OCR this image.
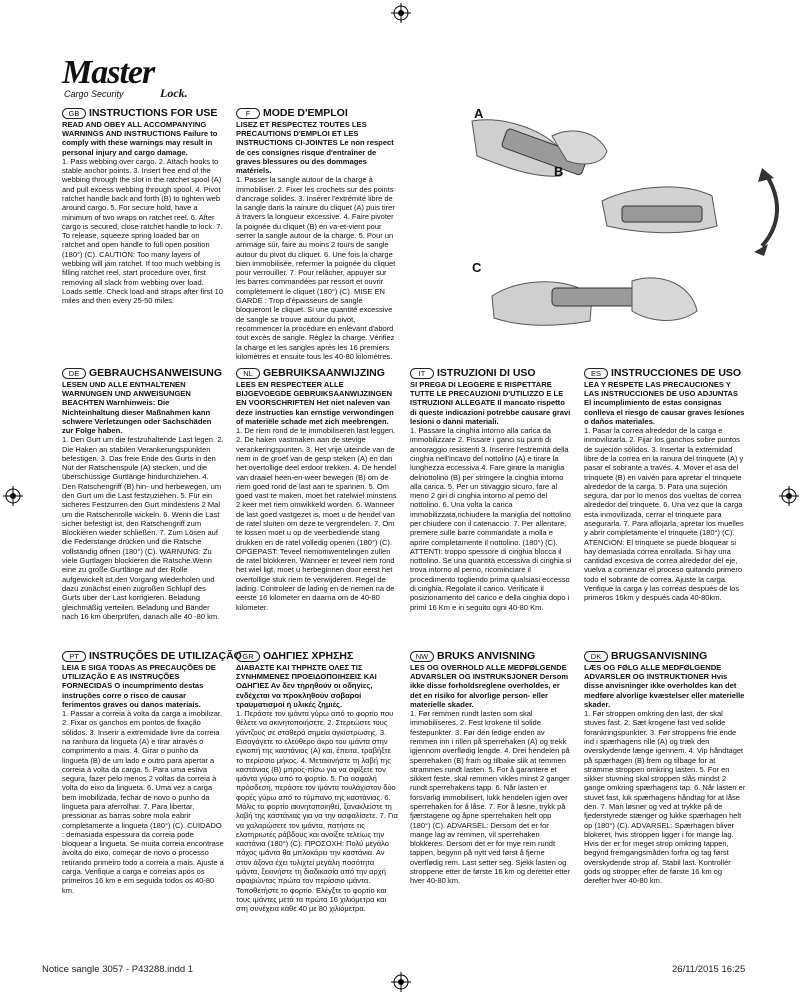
Master
Lock.
Cargo Security
A
B
C
GB INSTRUCTIONS FOR USE

READ AND OBEY ALL ACCOMPANYING WARNINGS AND INSTRUCTIONS Failure to comply with these warnings may result in personal injury and cargo damage.

1. Pass webbing over cargo. 2. Attach hooks to stable anchor points. 3. Insert free end of the webbing through the slot in the ratchet spool (A) and pull excess webbing through spool. 4. Pivot ratchet handle back and forth (B) to tighten web around cargo. 5. For secure hold, have a minimum of two wraps on ratchet reel. 6. After cargo is secured, close ratchet handle to lock. 7. To release, squeeze spring loaded bar on ratchet and open handle to full open position (180°) (C). CAUTION: Too many layers of webbing will jam ratchet. If too much webbing is filling ratchet reel, start procedure over, first removing all slack from webbing over load. Loads settle. Check load and straps after first 10 miles and then every 25-50 miles.

F	MODE D'EMPLOI

LISEZ ET RESPECTEZ TOUTES LES PRECAUTIONS D'EMPLOI ET LES INSTRUCTIONS CI-JOINTES Le non respect de ces consignes risque d'entraîner de graves blessures ou des dommages matériels.

1. Passer la sangle autour de la charge à immobiliser. 2. Fixer les crochets sur des points d'ancrage solides. 3. Insérer l'extrémité libre de la sangle dans la rainure du cliquet (A) puis tirer à travers la longueur excessive. 4. Faire pivoter la poignée du cliquet (B) en va-et-vient pour serrer la sangle autour de la charge. 5. Pour un arrimage sûr, faire au moins 2 tours de sangle autour du pivot du cliquet. 6. Une fois la charge bien immobilisée, refermer la poignée du cliquet pour verrouiller. 7. Pour relâcher, appuyer sur les barres commandées par ressort et ouvrir complètement le cliquet (180°) (C). MISE EN GARDE : Trop d'épaisseurs de sangle bloqueront le cliquet. Si une quantité excessive de sangle se trouve autour du pivot, recommencer la procédure en enlevant d'abord tout excès de sangle. Réglez la charge. Vérifiez la charge et les sangles après les 16 premiers kilomètres et ensuite tous les 40-80 kilomètres.

DE GEBRAUCHSANWEISUNG

LESEN UND ALLE ENTHALTENEN WARNUNGEN UND ANWEISUNGEN BEACHTEN Warnhinweis: Die Nichteinhaltung dieser Maßnahmen kann schwere Verletzungen oder Sachschäden zur Folge haben.

1. Den Gurt um die festzuhaltende Last legen. 2. Die Haken an stabilen Verankerungspunkten befestigen. 3. Das freie Ende des Gurts in den Nut der Ratschenspule (A) stecken, und die überschüssige Gurtlänge hindurchziehen. 4. Den Ratschengriff (B) hin- und herbewegen, um den Gurt um die Last festzuziehen. 5. Für ein sicheres Festzurren den Gurt mindestens 2 Mal um die Ratschenrolle wickeln. 6. Wenn die Last sicher befestigt ist, den Ratschengriff zum Blockieren wieder schließen. 7. Zum Lösen auf die Federstange drücken und die Ratsche vollständig öffnen (180°) (C). WARNUNG: Zu viele Gurtlagen blockieren die Ratsche.Wenn eine zu große Gurtlänge auf der Rolle aufgewickelt ist,den Vorgang wiederholen und dazu zunächst einen zugroßen Schlupf des Gurts über der Last korrigieren. Beladung gleichmäßig verteilen. Beladung und Bänder nach 16 km überprüfen, danach alle 40 -80 km.

NL GEBRUIKSAANWIJZING

LEES EN RESPECTEER ALLE BIJGEVOEGDE GEBRUIKSAANWIJZINGEN EN VOORSCHRIFTEN Het niet naleven van deze instructies kan ernstige verwondingen of materiële schade met zich meebrengen.

1. De riem rond de te immobiliseren last leggen. 2. De haken vastmaken aan de stevige verankeringspunten. 3. Het vrije uiteinde van de riem in de groef van de gesp steken (A) en dan het overtollige deel erdoor trekken. 4. De hendel van draaiel heen-en-weer bewegen (B) om de riem goed rond de last aan te spannen. 5. Om goed vast te maken, moet het ratelwiel minstens 2 keer met riem omwikkeld worden. 6. Wanneer de last goed vastgezet is, moet u de hendel van de ratel sluiten om deze te vergrendelen. 7. Om te lossen moet u op de veerbediende stang drukken en de ratel volledig openen (180°) (C). OPGEPAST: Teveel riemomwentelingen zullen de ratel blokkeren. Wanneer er teveel riem rond het wiel ligt, moet u herbeginnen door eerst het overtollige stuk riem te verwijderen. Regel de lading. Controleer de lading en de riemen na de eerste 16 kilometer en daarna om de 40-80 kilometer.

IT	ISTRUZIONI DI USO

SI PREGA DI LEGGERE E RISPETTARE TUTTE LE PRECAUZIONI D'UTILIZZO E LE ISTRUZIONI ALLEGATE Il mancato rispetto di queste indicazioni potrebbe causare gravi lesioni o danni materiali.

1. Passare la cinghia intorno alla carica da immobilizzare 2. Fissare i ganci su punti di ancoraggio resistenti 3. Inserire l'estremità della cinghia nell'incavo del nottolino (A) e tirare la lunghezza eccessiva 4. Fare girare la maniglia delnottolino (B) per stringere la cinghia intorno alla carica. 5. Per un stivaggio sicuro, fare al meno 2 giri di cinghia intorno al perno del nottolino. 6. Una volta la carica immobilizzata,richiudere la maniglia del nottolino per chiudere con il catenaccio. 7. Per allentare, premere sulle barre commandate a molla e aprire completamente il nottolino. (180°) (C). ATTENTI: troppo spessore di cinghia blocca il nottolino. Se una quantità eccessiva di cinghia si trova intorno al perno, ricominciare il procedimento togliendo prima qualsiasi eccesso di cinghia. Regolate il carico. Verificate il posizionamento del carico e della cinghia dopo i primi 16 Km e in seguito ogni 40-80 Km.

ES INSTRUCCIONES DE USO

LEA Y RESPETE LAS PRECAUCIONES Y LAS INSTRUCCIONES DE USO ADJUNTAS El incumplimiento de estas consignas conlleva el riesgo de causar graves lesiones o daños materiales.

1. Pasar la correa alrededor de la carga e inmovilizarla. 2. Fijar los ganchos sobre puntos de sujeción sólidos. 3. Insertar la extremidad libre de la correa en la ranura del trinquete (A) y pasar el sobrante a través. 4. Mover el asa del trinquete (B) en vaivén para apretar el trinquete alrededor de la carga. 5. Para una sujeción segura, dar por lo menos dos vueltas de correa alrededor del trinquete. 6. Una vez que la carga esta inmovilizada, cerrar el trinquete para asegurarla. 7. Para aflojarla, apretar los muelles y abrir completamente el trinquete (180°) (C). ATENCION: El trinquete se puede bloquear si hay demasiada correa enrollada. Si hay una cantidad excesiva de correa alrededor del eje, vuelva a comenzar el proceso quitando primero todo el sobrante de correa. Ajuste la carga. Verifique la carga y las correas después de los primeros 16km y después cada 40-80km.

PT INSTRUÇÕES DE UTILIZAÇÃO

LEIA E SIGA TODAS AS PRECAUÇÕES DE UTILIZAÇÃO E AS INSTRUÇÕES FORNECIDAS O incumprimento destas instruções corre o risco de causar ferimentos graves ou danos materiais.

1. Passar a correia à volta da carga a imobilizar. 2. Fixar os ganchos em pontos de fixação sólidos. 3. Inserir a extremidade livre da correia na ranhura da lingueta (A) e tirar através o comprimento a mais. 4. Girar o punho da lingueta (B) de um lado e outro para apertar a correia à volta da carga. 5. Para uma estiva segura, fazer pelo menos 2 voltas da correia à volta do eixo da lingueta. 6. Uma vez a carga bem imobilizada, fechar de novo o punho da lingueta para aferrolhar. 7. Para libertar, pressionar as barras sobre mola eabrir completamente a lingueta (180°) (C). CUIDADO : demasiada espessura da correia pode bloquear a lingueta. Se muita correia encontrase àvolta do eixo, comeҫar de novo o processo retirando primeiro todo a correia a mais. Ajuste a carga. Verifique a carga e correias após os primeiros 16 km e em seguida todos os 40-80 km.

GR ΟΔΗΓΙΕΣ ΧΡΗΣΗΣ

ΔΙΑΒΑΣΤΕ ΚΑΙ ΤΗΡΗΣΤΕ ΟΛΕΣ ΤΙΣ ΣΥΝΗΜΜΕΝΕΣ ΠΡΟΕΙΔΟΠΟΙΗΣΕΙΣ ΚΑΙ ΟΔΗΓΙΕΣ Αν δεν τηρηθούν οι οδηγίες, ενδέχεται να προκληθούν σοβαροί τραυματισμοί ή υλικές ζημιές.

1. Περάστε τον ιμάντα γύρω από το φορτίο που θέλετε να ακινητοποιήσετε. 2. Στερεώστε τους γάντζους σε σταθερά σημεία αγκίστρωσης. 3. Εισαγάγετε το ελεύθερο άκρο του ιμάντα στην εγκοπή της καστάνιας (A) και, έπειτα, τραβήξτε το περίσσιο μήκος. 4. Μετακινήστε τη λαβή της καστάνιας (B) μπρος-πίσω για να σφίξετε τον ιμάντα γύρω από το φορτίο. 5. Για ασφαλή πρόσδεση, περάστε τον ιμάντα τουλάχιστον δύο φορές γύρω από το τύμπανο της καστάνιας. 6. Μόλις το φορτίο ακινητοποιηθεί, ξανακλείστε τη λαβή της καστάνιας για να την ασφαλίσετε. 7. Για να χαλαρώσετε τον ιμάντα, πατήστε τις ελατηριωτές ράβδους και ανοίξτε τελείως την καστάνια (180°) (C). ΠΡΟΣΟΧΗ: Πολύ μεγάλο πάχος ιμάντα θα μπλοκάρει την καστάνια. Αν στον άξονα έχει τυλιχτεί μεγάλη ποσότητα ιμάντα, ξεκινήστε τη διαδικασία από την αρχή αφαιρώντας πρώτα τον περίσσιο ιμάντα. Τοποθετήστε το φορτίο. Ελέγξτε το φορτίο και τους ιμάντες μετά τα πρώτα 16 χιλιόμετρα και στη συνέχεια κάθε 40 με 80 χιλιόμετρα.

NW BRUKS ANVISNING

LES OG OVERHOLD ALLE MEDFØLGENDE ADVARSLER OG INSTRUKSJONER Dersom ikke disse forholdsreglene overholdes, er det en risiko for alvorlige person- eller materielle skader.

1. Før remmen rundt lasten som skal immobiliseres. 2. Fest krokene til solide festepunkter. 3. Før den ledige enden av remmen inn i rillen på sperrehaken (A) og trekk igjennom overflødig lengde. 4. Drei hendelen på sperrehaken (B) fram og tilbake slik at remmen strammes rundt lasten. 5. For å garantere et sikkert feste, skal remmen vikles minst 2 ganger rundt sperrehakens tapp. 6. Når lasten er forsvarlig immobilisert, lukk hendelen igjen over sperrehaken for å låse. 7. For å løsne, trykk på fjærstagene og åpne sperrehaken helt opp (180°) (C). ADVARSEL: Dersom det er for mange lag av remmen, vil sperrehaken blokkeres. Dersom det er for mye rem rundt tappen, begynn på nytt ved først å fjerne overflødig rem. Last setter seg. Sjekk lasten og stroppene etter de første 16 km og deretter etter hver 40-80 km.

DK BRUGSANVISNING

LÆS OG FØLG ALLE MEDFØLGENDE ADVARSLER OG INSTRUKTIONER Hvis disse anvisninger ikke overholdes kan det medføre alvorlige kvæstelser eller materielle skader.

1. Før stroppen omkring den last, der skal stuves fast. 2. Sæt krogene fast ved solide forankringspunkter. 3. Før stroppens frie ende ind i spærhagens rille (A) og træk den overskydende længe igennem. 4. Vip håndtaget på spærhagen (B) frem og tilbage for at stramme stroppen omkring lasten. 5. For en sikker stuvning skal stroppen slås mindst 2 gange omkring spærhagens tap. 6. Når lasten er stuvet fast, luk spærhagens håndtag for at låse den. 7. Man løsner og ved at trykke på de fjederstyrede stænger og lukke spærhagen helt op (180°) (C). ADVARSEL: Spærhagen bliver blokeret, hvis stroppen ligger i for mange lag. Hvis der er for meget strop omkring tappen, begynd fremgangsmåden forfra og tag først overskydende strop af. Stabil last. Kontrollér gods og stropper efter de første 16 km og derefter hver 40-80 km.

Notice sangle 3057 - P43288.indd 1	26/11/2015 16:25
